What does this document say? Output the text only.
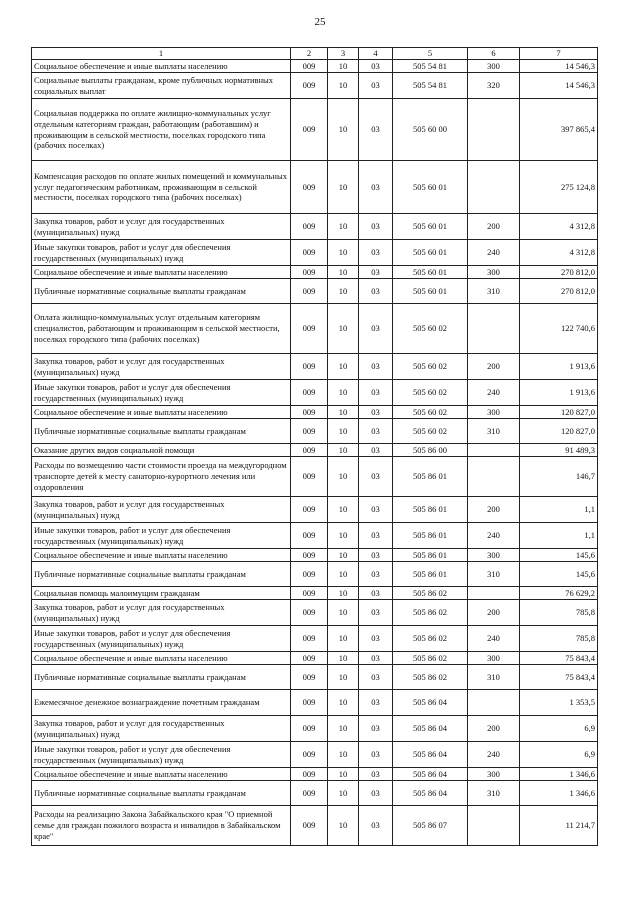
25
1	2	3	4	5	6	7
Социальное обеспечение и иные выплаты населению	009	10	03	505 54 81	300	14 546,3
Социальные выплаты гражданам, кроме публичных нормативных социальных выплат	009	10	03	505 54 81	320	14 546,3
Социальная поддержка по оплате жилищно-коммунальных услуг отдельным категориям граждан, работающим (работавшим) и проживающим в сельской местности, поселках городского типа (рабочих поселках)	009	10	03	505 60 00		397 865,4
Компенсация расходов по оплате жилых помещений и коммунальных услуг педагогическим работникам, проживающим в сельской местности, поселках городского типа (рабочих поселках)	009	10	03	505 60 01		275 124,8
Закупка товаров, работ и услуг для государственных (муниципальных) нужд	009	10	03	505 60 01	200	4 312,8
Иные закупки товаров, работ и услуг для обеспечения государственных (муниципальных) нужд	009	10	03	505 60 01	240	4 312,8
Социальное обеспечение и иные выплаты населению	009	10	03	505 60 01	300	270 812,0
Публичные нормативные социальные выплаты гражданам	009	10	03	505 60 01	310	270 812,0
Оплата жилищно-коммунальных услуг отдельным категориям специалистов, работающим и проживающим в сельской местности, поселках городского типа (рабочих поселках)	009	10	03	505 60 02		122 740,6
Закупка товаров, работ и услуг для государственных (муниципальных) нужд	009	10	03	505 60 02	200	1 913,6
Иные закупки товаров, работ и услуг для обеспечения государственных (муниципальных) нужд	009	10	03	505 60 02	240	1 913,6
Социальное обеспечение и иные выплаты населению	009	10	03	505 60 02	300	120 827,0
Публичные нормативные социальные выплаты гражданам	009	10	03	505 60 02	310	120 827,0
Оказание других видов социальной помощи	009	10	03	505 86 00		91 489,3
Расходы по возмещению части стоимости проезда на междугородном транспорте детей к месту санаторно-курортного лечения или оздоровления	009	10	03	505 86 01		146,7
Закупка товаров, работ и услуг для государственных (муниципальных) нужд	009	10	03	505 86 01	200	1,1
Иные закупки товаров, работ и услуг для обеспечения государственных (муниципальных) нужд	009	10	03	505 86 01	240	1,1
Социальное обеспечение и иные выплаты населению	009	10	03	505 86 01	300	145,6
Публичные нормативные социальные выплаты гражданам	009	10	03	505 86 01	310	145,6
Социальная помощь малоимущим гражданам	009	10	03	505 86 02		76 629,2
Закупка товаров, работ и услуг для государственных (муниципальных) нужд	009	10	03	505 86 02	200	785,8
Иные закупки товаров, работ и услуг для обеспечения государственных (муниципальных) нужд	009	10	03	505 86 02	240	785,8
Социальное обеспечение и иные выплаты населению	009	10	03	505 86 02	300	75 843,4
Публичные нормативные социальные выплаты гражданам	009	10	03	505 86 02	310	75 843,4
Ежемесячное денежное вознаграждение почетным гражданам	009	10	03	505 86 04		1 353,5
Закупка товаров, работ и услуг для государственных (муниципальных) нужд	009	10	03	505 86 04	200	6,9
Иные закупки товаров, работ и услуг для обеспечения государственных (муниципальных) нужд	009	10	03	505 86 04	240	6,9
Социальное обеспечение и иные выплаты населению	009	10	03	505 86 04	300	1 346,6
Публичные нормативные социальные выплаты гражданам	009	10	03	505 86 04	310	1 346,6
Расходы на реализацию Закона Забайкальского края "О приемной семье для граждан пожилого возраста и инвалидов в Забайкальском крае"	009	10	03	505 86 07		11 214,7
